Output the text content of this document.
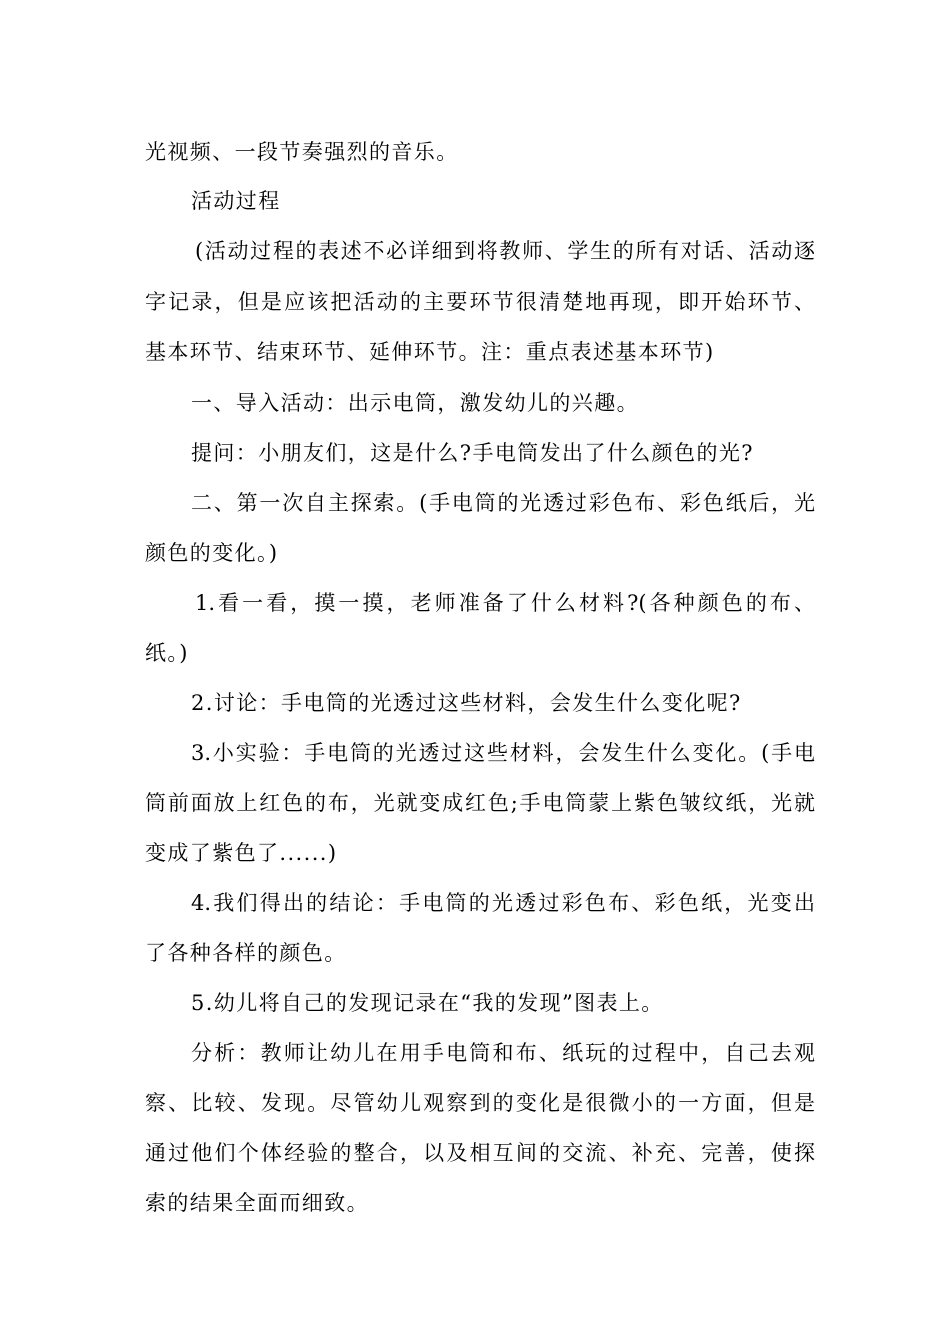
光视频、一段节奏强烈的音乐。
活动过程
(活动过程的表述不必详细到将教师、学生的所有对话、活动逐
字记录，但是应该把活动的主要环节很清楚地再现，即开始环节、
基本环节、结束环节、延伸环节。注：重点表述基本环节)
一、导入活动：出示电筒，激发幼儿的兴趣。
提问：小朋友们，这是什么?手电筒发出了什么颜色的光?
二、第一次自主探索。(手电筒的光透过彩色布、彩色纸后，光
颜色的变化。)
1.看一看，摸一摸，老师准备了什么材料?(各种颜色的布、
纸。)
2.讨论：手电筒的光透过这些材料，会发生什么变化呢?
3.小实验：手电筒的光透过这些材料，会发生什么变化。(手电
筒前面放上红色的布，光就变成红色;手电筒蒙上紫色皱纹纸，光就
变成了紫色了......)
4.我们得出的结论：手电筒的光透过彩色布、彩色纸，光变出
了各种各样的颜色。
5.幼儿将自己的发现记录在“我的发现”图表上。
分析：教师让幼儿在用手电筒和布、纸玩的过程中，自己去观
察、比较、发现。尽管幼儿观察到的变化是很微小的一方面，但是
通过他们个体经验的整合，以及相互间的交流、补充、完善，使探
索的结果全面而细致。
